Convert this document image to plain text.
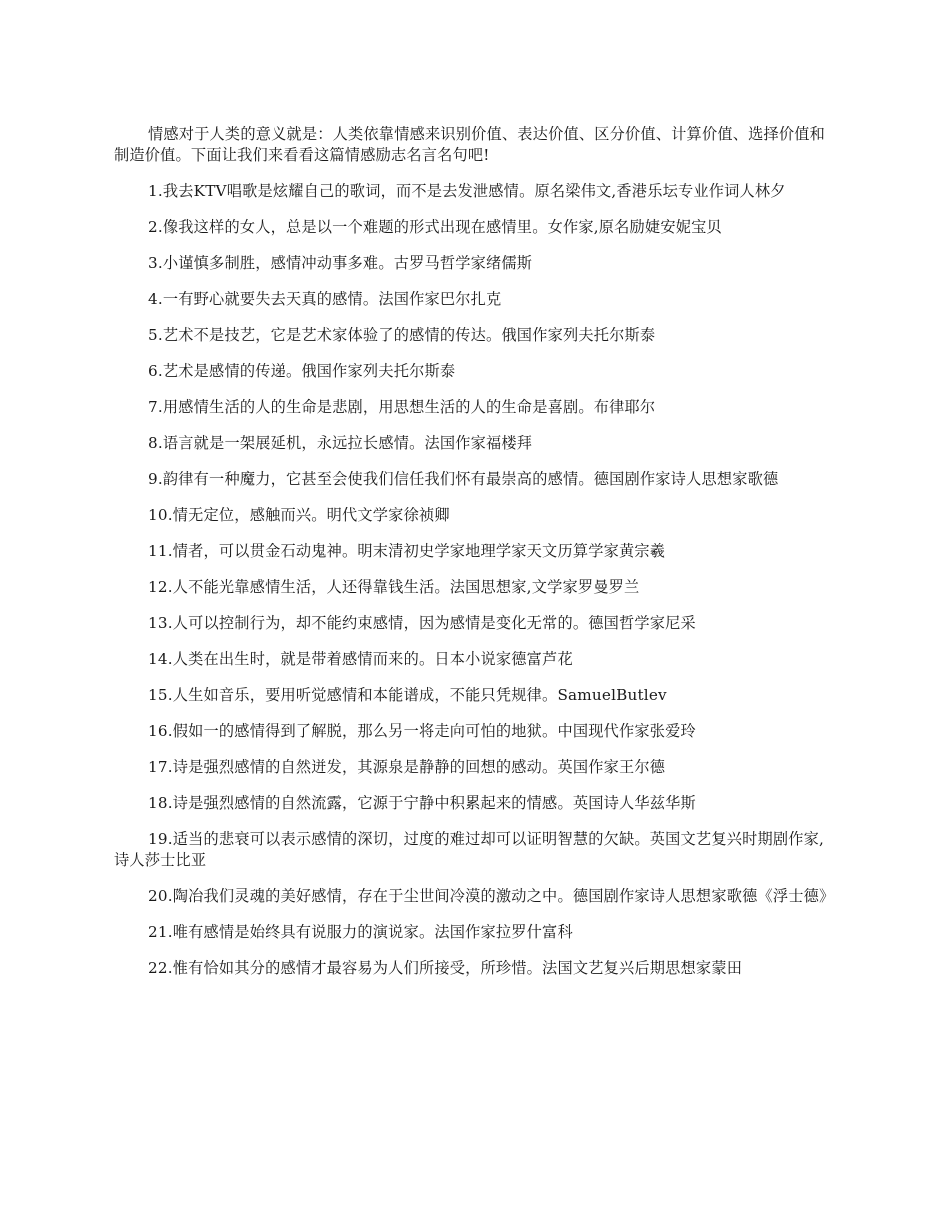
情感对于人类的意义就是：人类依靠情感来识别价值、表达价值、区分价值、计算价值、选择价值和制造价值。下面让我们来看看这篇情感励志名言名句吧!

1.我去KTV唱歌是炫耀自己的歌词，而不是去发泄感情。原名梁伟文,香港乐坛专业作词人林夕

2.像我这样的女人，总是以一个难题的形式出现在感情里。女作家,原名励婕安妮宝贝

3.小谨慎多制胜，感情冲动事多难。古罗马哲学家绪儒斯

4.一有野心就要失去天真的感情。法国作家巴尔扎克

5.艺术不是技艺，它是艺术家体验了的感情的传达。俄国作家列夫托尔斯泰

6.艺术是感情的传递。俄国作家列夫托尔斯泰

7.用感情生活的人的生命是悲剧，用思想生活的人的生命是喜剧。布律耶尔

8.语言就是一架展延机，永远拉长感情。法国作家福楼拜

9.韵律有一种魔力，它甚至会使我们信任我们怀有最崇高的感情。德国剧作家诗人思想家歌德

10.情无定位，感触而兴。明代文学家徐祯卿

11.情者，可以贯金石动鬼神。明末清初史学家地理学家天文历算学家黄宗羲

12.人不能光靠感情生活，人还得靠钱生活。法国思想家,文学家罗曼罗兰

13.人可以控制行为，却不能约束感情，因为感情是变化无常的。德国哲学家尼采

14.人类在出生时，就是带着感情而来的。日本小说家德富芦花

15.人生如音乐，要用听觉感情和本能谱成，不能只凭规律。SamuelButlev

16.假如一的感情得到了解脱，那么另一将走向可怕的地狱。中国现代作家张爱玲

17.诗是强烈感情的自然迸发，其源泉是静静的回想的感动。英国作家王尔德

18.诗是强烈感情的自然流露，它源于宁静中积累起来的情感。英国诗人华兹华斯

19.适当的悲衰可以表示感情的深切，过度的难过却可以证明智慧的欠缺。英国文艺复兴时期剧作家,诗人莎士比亚

20.陶冶我们灵魂的美好感情，存在于尘世间冷漠的激动之中。德国剧作家诗人思想家歌德《浮士德》

21.唯有感情是始终具有说服力的演说家。法国作家拉罗什富科

22.惟有恰如其分的感情才最容易为人们所接受，所珍惜。法国文艺复兴后期思想家蒙田
